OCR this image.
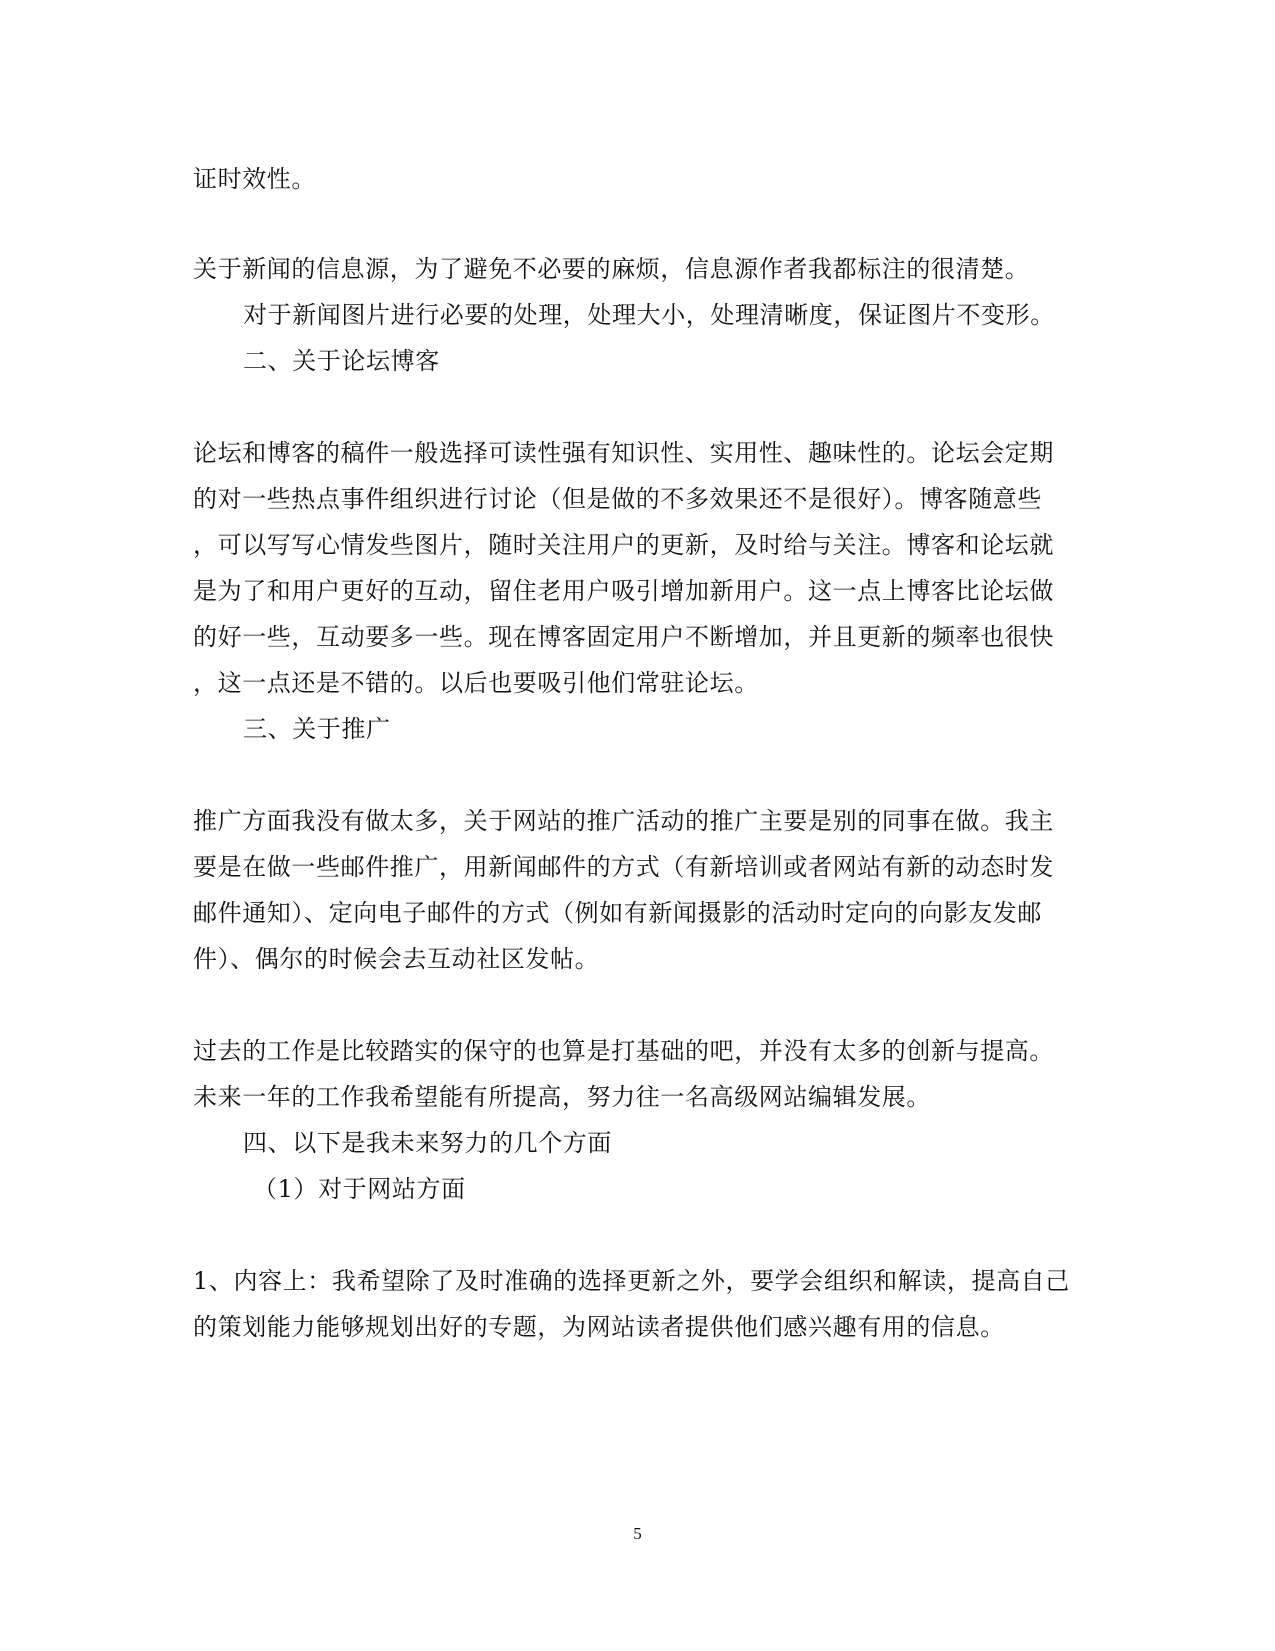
证时效性。

关于新闻的信息源，为了避免不必要的麻烦，信息源作者我都标注的很清楚。

对于新闻图片进行必要的处理，处理大小，处理清晰度，保证图片不变形。

二、关于论坛博客

论坛和博客的稿件一般选择可读性强有知识性、实用性、趣味性的。论坛会定期

的对一些热点事件组织进行讨论（但是做的不多效果还不是很好）。博客随意些

，可以写写心情发些图片，随时关注用户的更新，及时给与关注。博客和论坛就

是为了和用户更好的互动，留住老用户吸引增加新用户。这一点上博客比论坛做

的好一些，互动要多一些。现在博客固定用户不断增加，并且更新的频率也很快

，这一点还是不错的。以后也要吸引他们常驻论坛。

三、关于推广

推广方面我没有做太多，关于网站的推广活动的推广主要是别的同事在做。我主

要是在做一些邮件推广，用新闻邮件的方式（有新培训或者网站有新的动态时发

邮件通知）、定向电子邮件的方式（例如有新闻摄影的活动时定向的向影友发邮

件）、偶尔的时候会去互动社区发帖。

过去的工作是比较踏实的保守的也算是打基础的吧，并没有太多的创新与提高。

未来一年的工作我希望能有所提高，努力往一名高级网站编辑发展。

四、以下是我未来努力的几个方面

（1）对于网站方面

1、内容上：我希望除了及时准确的选择更新之外，要学会组织和解读，提高自己

的策划能力能够规划出好的专题，为网站读者提供他们感兴趣有用的信息。

5
